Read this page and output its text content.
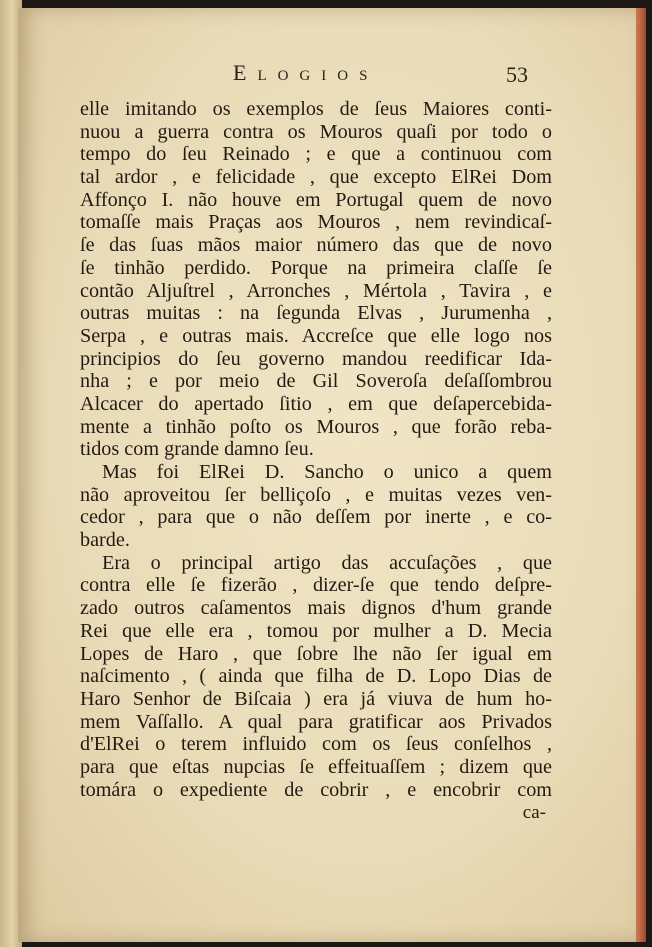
Elogios	53
elle imitando os exemplos de ſeus Maiores conti-
nuou a guerra contra os Mouros quaſi por todo o
tempo do ſeu Reinado ; e que a continuou com
tal ardor , e felicidade , que excepto ElRei Dom
Affonço I. não houve em Portugal quem de novo
tomaſſe mais Praças aos Mouros , nem revindicaſ-
ſe das ſuas mãos maior número das que de novo
ſe tinhão perdido. Porque na primeira claſſe ſe
contão Aljuſtrel , Arronches , Mértola , Tavira , e
outras muitas : na ſegunda Elvas , Jurumenha ,
Serpa , e outras mais. Accreſce que elle logo nos
principios do ſeu governo mandou reedificar Ida-
nha ; e por meio de Gil Soveroſa deſaſſombrou
Alcacer do apertado ſitio , em que deſapercebida-
mente a tinhão poſto os Mouros , que forão reba-
tidos com grande damno ſeu.
Mas foi ElRei D. Sancho o unico a quem
não aproveitou ſer belliçoſo , e muitas vezes ven-
cedor , para que o não deſſem por inerte , e co-
barde.
Era o principal artigo das accuſações , que
contra elle ſe fizerão , dizer-ſe que tendo deſpre-
zado outros caſamentos mais dignos d'hum grande
Rei que elle era , tomou por mulher a D. Mecia
Lopes de Haro , que ſobre lhe não ſer igual em
naſcimento , ( ainda que filha de D. Lopo Dias de
Haro Senhor de Biſcaia ) era já viuva de hum ho-
mem Vaſſallo. A qual para gratificar aos Privados
d'ElRei o terem influido com os ſeus conſelhos ,
para que eſtas nupcias ſe effeituaſſem ; dizem que
tomára o expediente de cobrir , e encobrir com
ca-
